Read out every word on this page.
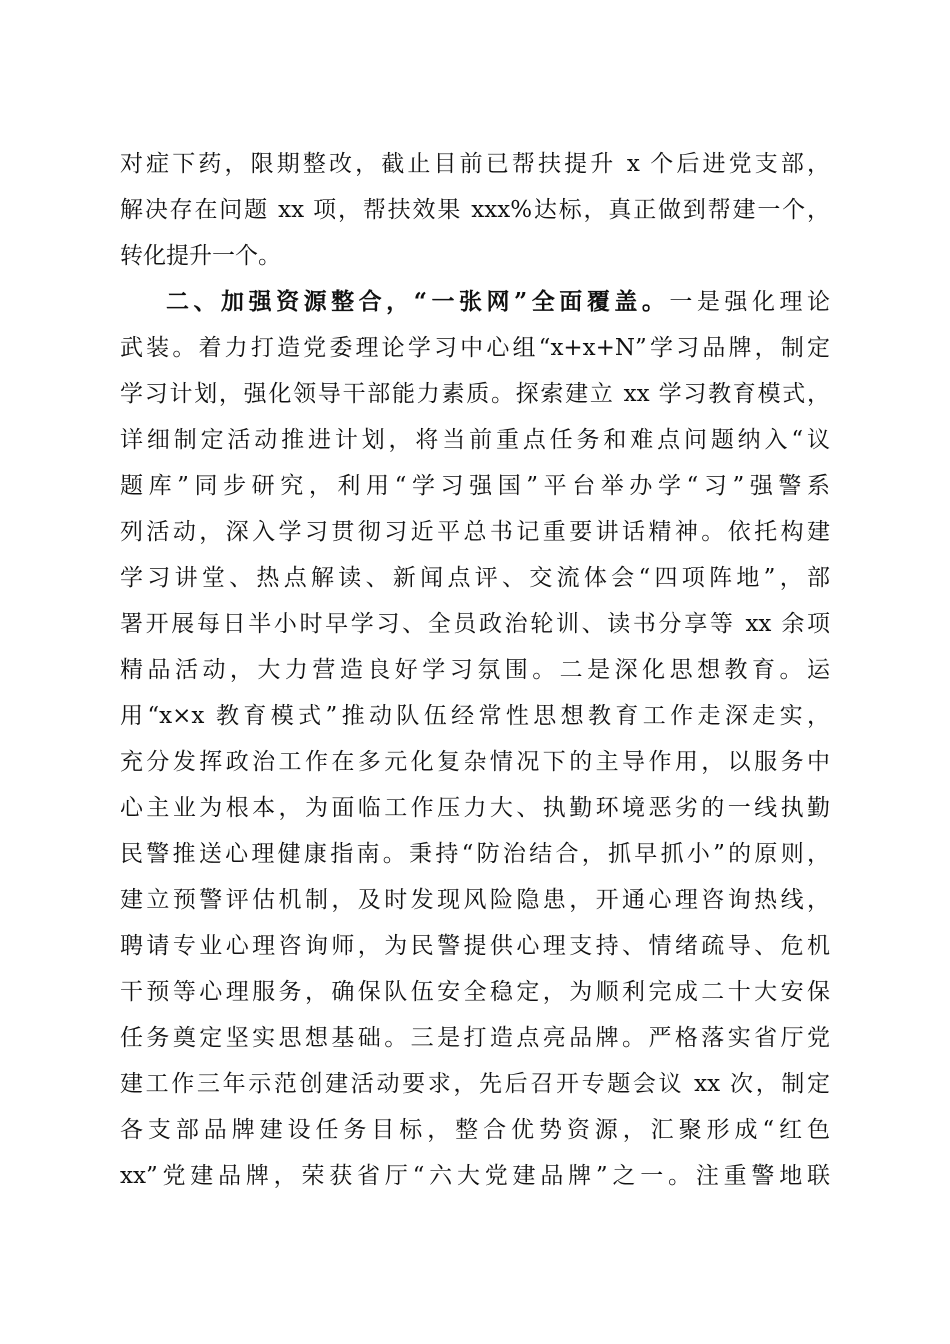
对症下药，限期整改，截止目前已帮扶提升 x 个后进党支部，
解决存在问题 xx 项，帮扶效果 xxx%达标，真正做到帮建一个，
转化提升一个。
二、加强资源整合，“一张网”全面覆盖。一是强化理论
武装。着力打造党委理论学习中心组“x+x+N”学习品牌，制定
学习计划，强化领导干部能力素质。探索建立 xx 学习教育模式，
详细制定活动推进计划，将当前重点任务和难点问题纳入“议
题库”同步研究，利用“学习强国”平台举办学“习”强警系
列活动，深入学习贯彻习近平总书记重要讲话精神。依托构建
学习讲堂、热点解读、新闻点评、交流体会“四项阵地”，部
署开展每日半小时早学习、全员政治轮训、读书分享等 xx 余项
精品活动，大力营造良好学习氛围。二是深化思想教育。运
用“x×x 教育模式”推动队伍经常性思想教育工作走深走实，
充分发挥政治工作在多元化复杂情况下的主导作用，以服务中
心主业为根本，为面临工作压力大、执勤环境恶劣的一线执勤
民警推送心理健康指南。秉持“防治结合，抓早抓小”的原则，
建立预警评估机制，及时发现风险隐患，开通心理咨询热线，
聘请专业心理咨询师，为民警提供心理支持、情绪疏导、危机
干预等心理服务，确保队伍安全稳定，为顺利完成二十大安保
任务奠定坚实思想基础。三是打造点亮品牌。严格落实省厅党
建工作三年示范创建活动要求，先后召开专题会议 xx 次，制定
各支部品牌建设任务目标，整合优势资源，汇聚形成“红色
xx”党建品牌，荣获省厅“六大党建品牌”之一。注重警地联
